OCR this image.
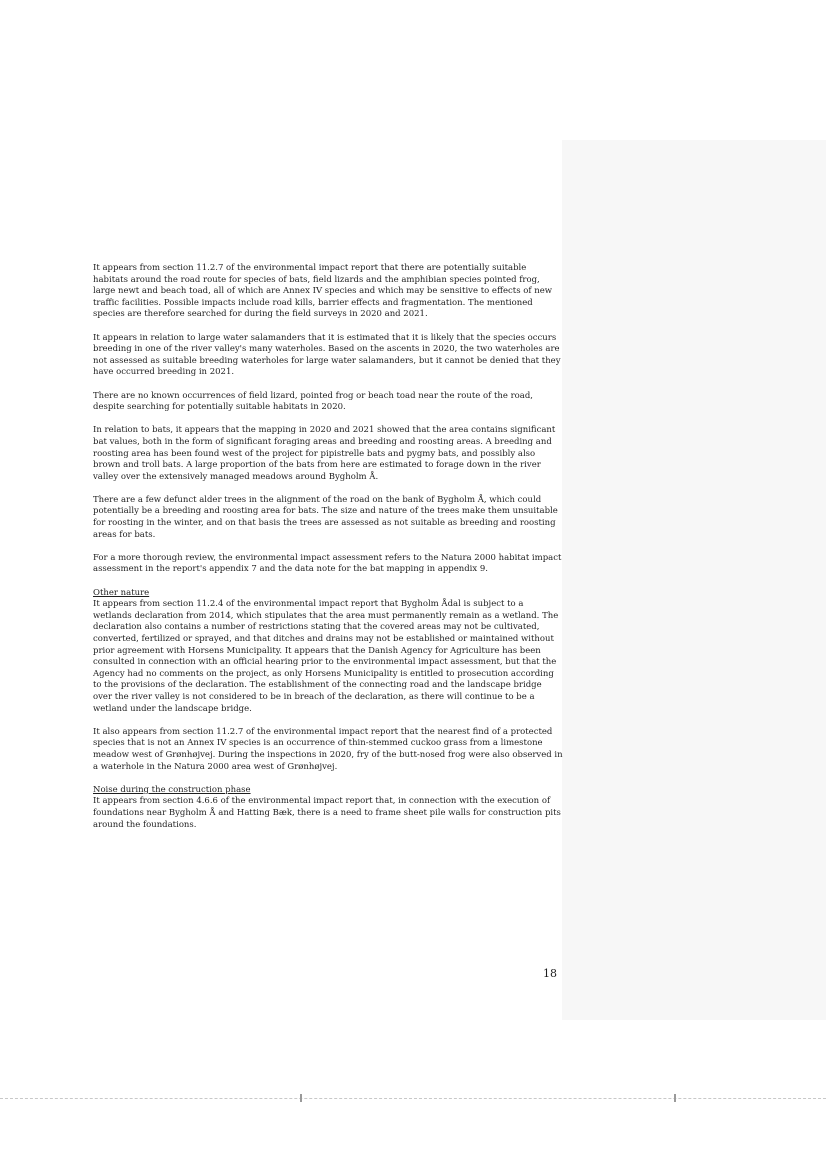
It appears from section 11.2.7 of the environmental impact report that there are potentially suitable habitats around the road route for species of bats, field lizards and the amphibian species pointed frog, large newt and beach toad, all of which are Annex IV species and which may be sensitive to effects of new traffic facilities. Possible impacts include road kills, barrier effects and fragmentation. The mentioned species are therefore searched for during the field surveys in 2020 and 2021.

It appears in relation to large water salamanders that it is estimated that it is likely that the species occurs breeding in one of the river valley's many waterholes. Based on the ascents in 2020, the two waterholes are not assessed as suitable breeding waterholes for large water salamanders, but it cannot be denied that they have occurred breeding in 2021.

There are no known occurrences of field lizard, pointed frog or beach toad near the route of the road, despite searching for potentially suitable habitats in 2020.

In relation to bats, it appears that the mapping in 2020 and 2021 showed that the area contains significant bat values, both in the form of significant foraging areas and breeding and roosting areas. A breeding and roosting area has been found west of the project for pipistrelle bats and pygmy bats, and possibly also brown and troll bats. A large proportion of the bats from here are estimated to forage down in the river valley over the extensively managed meadows around Bygholm Å.

There are a few defunct alder trees in the alignment of the road on the bank of Bygholm Å, which could potentially be a breeding and roosting area for bats. The size and nature of the trees make them unsuitable for roosting in the winter, and on that basis the trees are assessed as not suitable as breeding and roosting areas for bats.

For a more thorough review, the environmental impact assessment refers to the Natura 2000 habitat impact assessment in the report's appendix 7 and the data note for the bat mapping in appendix 9.

Other nature
It appears from section 11.2.4 of the environmental impact report that Bygholm Ådal is subject to a wetlands declaration from 2014, which stipulates that the area must permanently remain as a wetland. The declaration also contains a number of restrictions stating that the covered areas may not be cultivated, converted, fertilized or sprayed, and that ditches and drains may not be established or maintained without prior agreement with Horsens Municipality. It appears that the Danish Agency for Agriculture has been consulted in connection with an official hearing prior to the environmental impact assessment, but that the Agency had no comments on the project, as only Horsens Municipality is entitled to prosecution according to the provisions of the declaration. The establishment of the connecting road and the landscape bridge over the river valley is not considered to be in breach of the declaration, as there will continue to be a wetland under the landscape bridge.

It also appears from section 11.2.7 of the environmental impact report that the nearest find of a protected species that is not an Annex IV species is an occurrence of thin-stemmed cuckoo grass from a limestone meadow west of Grønhøjvej. During the inspections in 2020, fry of the butt-nosed frog were also observed in a waterhole in the Natura 2000 area west of Grønhøjvej.

Noise during the construction phase
It appears from section 4.6.6 of the environmental impact report that, in connection with the execution of foundations near Bygholm Å and Hatting Bæk, there is a need to frame sheet pile walls for construction pits around the foundations.

18
